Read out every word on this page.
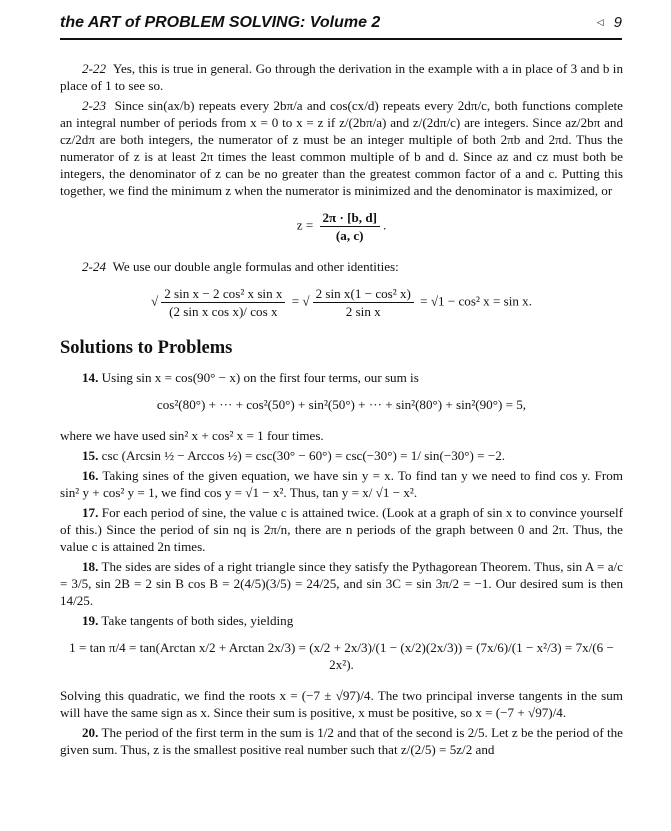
the ART of PROBLEM SOLVING: Volume 2	◁ 9

2-22 Yes, this is true in general. Go through the derivation in the example with a in place of 3 and b in place of 1 to see so.

2-23 Since sin(ax/b) repeats every 2bπ/a and cos(cx/d) repeats every 2dπ/c, both functions complete an integral number of periods from x = 0 to x = z if z/(2bπ/a) and z/(2dπ/c) are integers. Since az/2bπ and cz/2dπ are both integers, the numerator of z must be an integer multiple of both 2πb and 2πd. Thus the numerator of z is at least 2π times the least common multiple of b and d. Since az and cz must both be integers, the denominator of z can be no greater than the greatest common factor of a and c. Putting this together, we find the minimum z when the numerator is minimized and the denominator is maximized, or

$z = \frac{2\pi \cdot [b, d]}{(a, c)}$ .

2-24 We use our double angle formulas and other identities:

√ $\frac{\text{2 sin x − 2 cos² x sin x}}{\text{(2 sin x cos x)/ cos x}}$ = √ $\frac{\text{2 sin x(1 − cos² x)}}{\text{2 sin x}} = √1 - \cos^2$ x = sin x.
Solutions to Problems

14. Using sin x = cos(90° − x) on the first four terms, our sum is

cos²(80°) + ··· + cos²(50°) + sin²(50°) + ··· + sin²(80°) + sin²(90°) = 5,

where we have used sin² x + cos² x = 1 four times.

15. csc (Arcsin ½ − Arccos ½) = csc(30° − 60°) = csc(−30°) = 1/ sin(−30°) = −2.

16. Taking sines of the given equation, we have sin y = x. To find tan y we need to find cos y. From sin² y + cos² y = 1, we find cos y = √1 − x². Thus, tan y = x/ √1 − x².

17. For each period of sine, the value c is attained twice. (Look at a graph of sin x to convince yourself of this.) Since the period of sin nq is 2π/n, there are n periods of the graph between 0 and 2π. Thus, the value c is attained 2n times.

18. The sides are sides of a right triangle since they satisfy the Pythagorean Theorem. Thus, sin A = a/c = 3/5, sin 2B = 2 sin B cos B = 2(4/5)(3/5) = 24/25, and sin 3C = sin 3π/2 = −1. Our desired sum is then 14/25.

19. Take tangents of both sides, yielding

1 = tan π/4 = tan(Arctan x/2 + Arctan 2x/3) = (x/2 + 2x/3)/(1 − (x/2)(2x/3)) = (7x/6)/(1 − x²/3) = 7x/(6 − 2x²).

Solving this quadratic, we find the roots x = (−7 ± √97)/4. The two principal inverse tangents in the sum will have the same sign as x. Since their sum is positive, x must be positive, so x = (−7 + √97)/4.

20. The period of the first term in the sum is 1/2 and that of the second is 2/5. Let z be the period of the given sum. Thus, z is the smallest positive real number such that z/(2/5) = 5z/2 and
